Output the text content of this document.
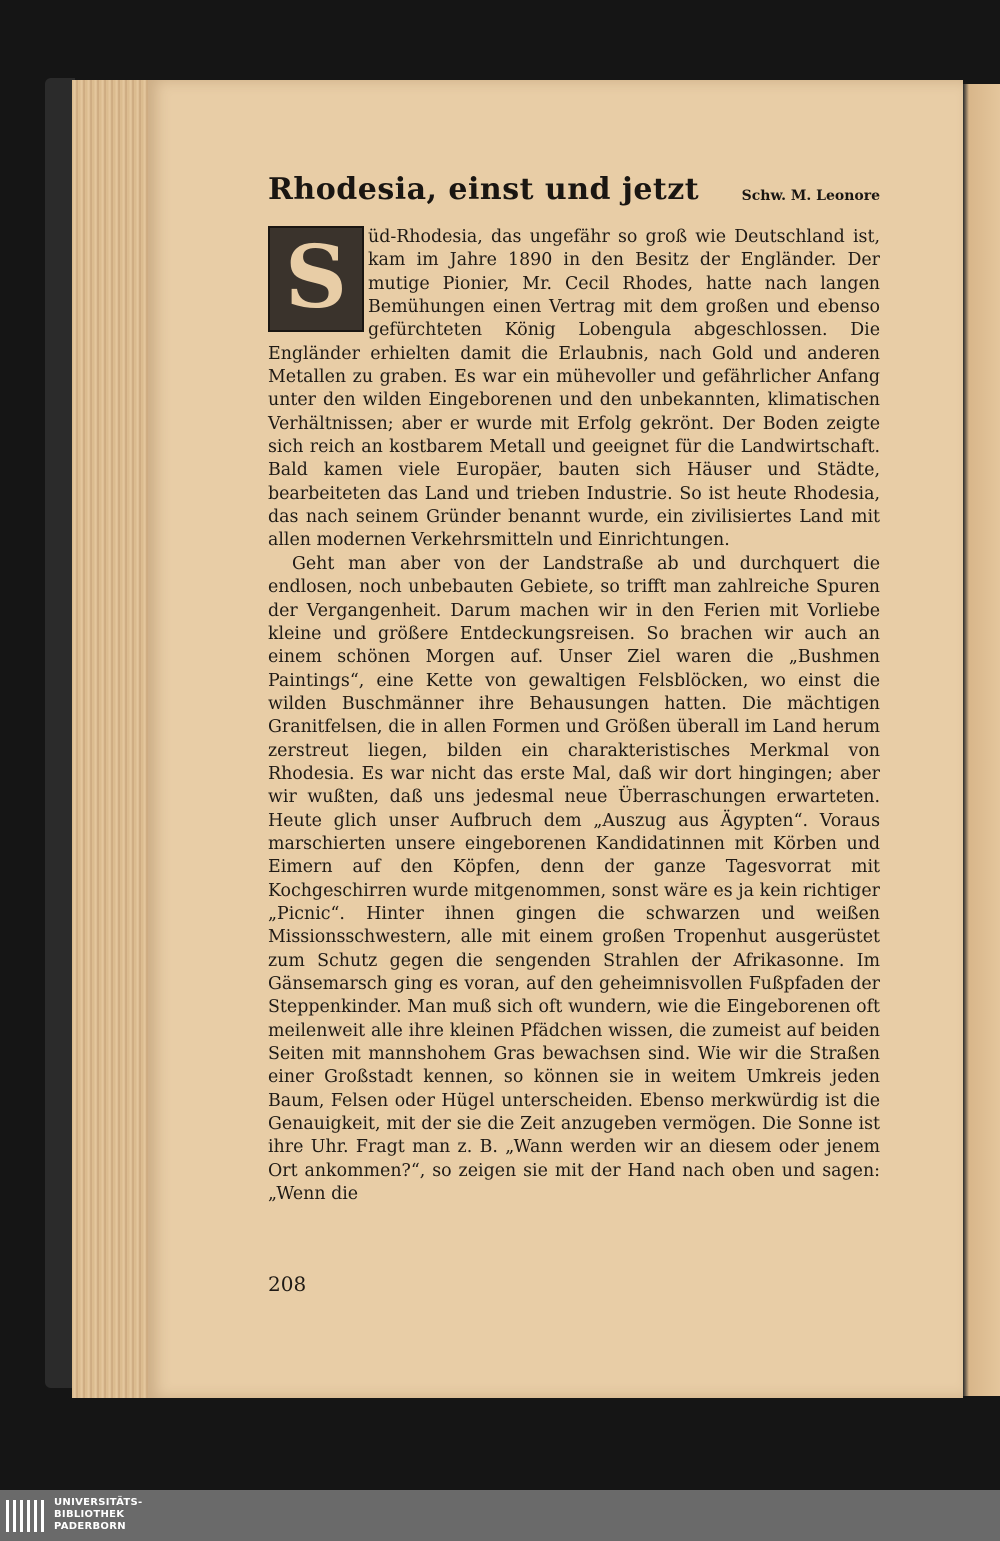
Rhodesia, einst und jetzt	Schw. M. Leonore
S	üd-Rhodesia, das ungefähr so groß wie Deutschland ist, kam im Jahre 1890 in den Besitz der Engländer. Der mutige Pionier, Mr. Cecil Rhodes, hatte nach langen Bemühungen einen Vertrag mit dem großen und ebenso gefürchteten König Lobengula abgeschlossen. Die Engländer erhielten damit die Erlaubnis, nach Gold und anderen Metallen zu graben. Es war ein mühevoller und gefährlicher Anfang unter den wilden Eingeborenen und den unbekannten, klimatischen Verhältnissen; aber er wurde mit Erfolg gekrönt. Der Boden zeigte sich reich an kostbarem Metall und geeignet für die Landwirtschaft. Bald kamen viele Europäer, bauten sich Häuser und Städte, bearbeiteten das Land und trieben Industrie. So ist heute Rhodesia, das nach seinem Gründer benannt wurde, ein zivilisiertes Land mit allen modernen Verkehrsmitteln und Einrichtungen.

Geht man aber von der Landstraße ab und durchquert die endlosen, noch unbebauten Gebiete, so trifft man zahlreiche Spuren der Vergangenheit. Darum machen wir in den Ferien mit Vorliebe kleine und größere Entdeckungsreisen. So brachen wir auch an einem schönen Morgen auf. Unser Ziel waren die „Bushmen Paintings“, eine Kette von gewaltigen Felsblöcken, wo einst die wilden Buschmänner ihre Behausungen hatten. Die mächtigen Granitfelsen, die in allen Formen und Größen überall im Land herum zerstreut liegen, bilden ein charakteristisches Merkmal von Rhodesia. Es war nicht das erste Mal, daß wir dort hingingen; aber wir wußten, daß uns jedesmal neue Überraschungen erwarteten. Heute glich unser Aufbruch dem „Auszug aus Ägypten“. Voraus marschierten unsere eingeborenen Kandidatinnen mit Körben und Eimern auf den Köpfen, denn der ganze Tagesvorrat mit Kochgeschirren wurde mitgenommen, sonst wäre es ja kein richtiger „Picnic“. Hinter ihnen gingen die schwarzen und weißen Missionsschwestern, alle mit einem großen Tropenhut ausgerüstet zum Schutz gegen die sengenden Strahlen der Afrikasonne. Im Gänsemarsch ging es voran, auf den geheimnisvollen Fußpfaden der Steppenkinder. Man muß sich oft wundern, wie die Eingeborenen oft meilenweit alle ihre kleinen Pfädchen wissen, die zumeist auf beiden Seiten mit mannshohem Gras bewachsen sind. Wie wir die Straßen einer Großstadt kennen, so können sie in weitem Umkreis jeden Baum, Felsen oder Hügel unterscheiden. Ebenso merkwürdig ist die Genauigkeit, mit der sie die Zeit anzugeben vermögen. Die Sonne ist ihre Uhr. Fragt man z. B. „Wann werden wir an diesem oder jenem Ort ankommen?“, so zeigen sie mit der Hand nach oben und sagen: „Wenn die

208
UNIVERSITÄTS-
BIBLIOTHEK
PADERBORN
